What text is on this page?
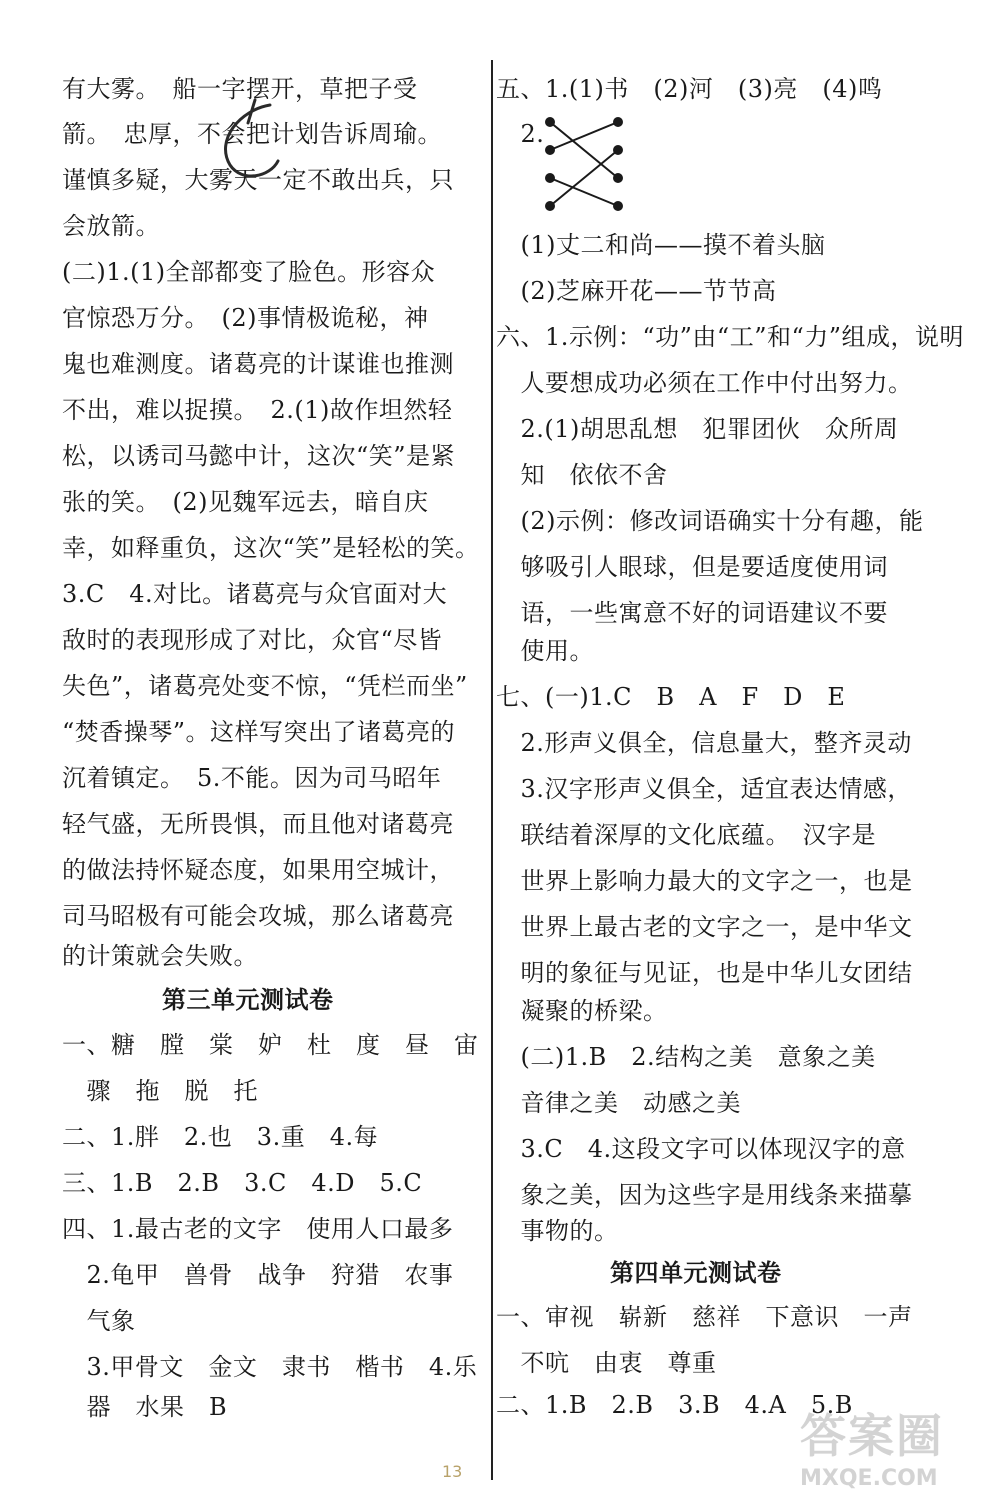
有大雾。　船一字摆开，草把子受
箭。　忠厚，不会把计划告诉周瑜。
谨慎多疑，大雾天一定不敢出兵，只
会放箭。
(二)1.(1)全部都变了脸色。形容众
官惊恐万分。　(2)事情极诡秘，神
鬼也难测度。诸葛亮的计谋谁也推测
不出，难以捉摸。　2.(1)故作坦然轻
松，以诱司马懿中计，这次“笑”是紧
张的笑。　(2)见魏军远去，暗自庆
幸，如释重负，这次“笑”是轻松的笑。
3.C　4.对比。诸葛亮与众官面对大
敌时的表现形成了对比，众官“尽皆
失色”，诸葛亮处变不惊，“凭栏而坐”
“焚香操琴”。这样写突出了诸葛亮的
沉着镇定。　5.不能。因为司马昭年
轻气盛，无所畏惧，而且他对诸葛亮
的做法持怀疑态度，如果用空城计，
司马昭极有可能会攻城，那么诸葛亮
的计策就会失败。
第三单元测试卷
一、糖　膛　棠　妒　杜　度　昼　宙
　骤　拖　脱　托
二、1.胖　2.也　3.重　4.每
三、1.B　2.B　3.C　4.D　5.C
四、1.最古老的文字　使用人口最多
　2.龟甲　兽骨　战争　狩猎　农事
　气象
　3.甲骨文　金文　隶书　楷书　4.乐
　器　水果　B
五、1.(1)书　(2)河　(3)亮　(4)鸣
　2.
　(1)丈二和尚——摸不着头脑
　(2)芝麻开花——节节高
六、1.示例：“功”由“工”和“力”组成，说明
　人要想成功必须在工作中付出努力。
　2.(1)胡思乱想　犯罪团伙　众所周
　知　依依不舍
　(2)示例：修改词语确实十分有趣，能
　够吸引人眼球，但是要适度使用词
　语，一些寓意不好的词语建议不要
　使用。
七、(一)1.C　B　A　F　D　E
　2.形声义俱全，信息量大，整齐灵动
　3.汉字形声义俱全，适宜表达情感，
　联结着深厚的文化底蕴。　汉字是
　世界上影响力最大的文字之一，也是
　世界上最古老的文字之一，是中华文
　明的象征与见证，也是中华儿女团结
　凝聚的桥梁。
　(二)1.B　2.结构之美　意象之美
　音律之美　动感之美
　3.C　4.这段文字可以体现汉字的意
　象之美，因为这些字是用线条来描摹
　事物的。
第四单元测试卷
一、审视　崭新　慈祥　下意识　一声
　不吭　由衷　尊重
二、1.B　2.B　3.B　4.A　5.B
13
答案圈
MXQE.COM
